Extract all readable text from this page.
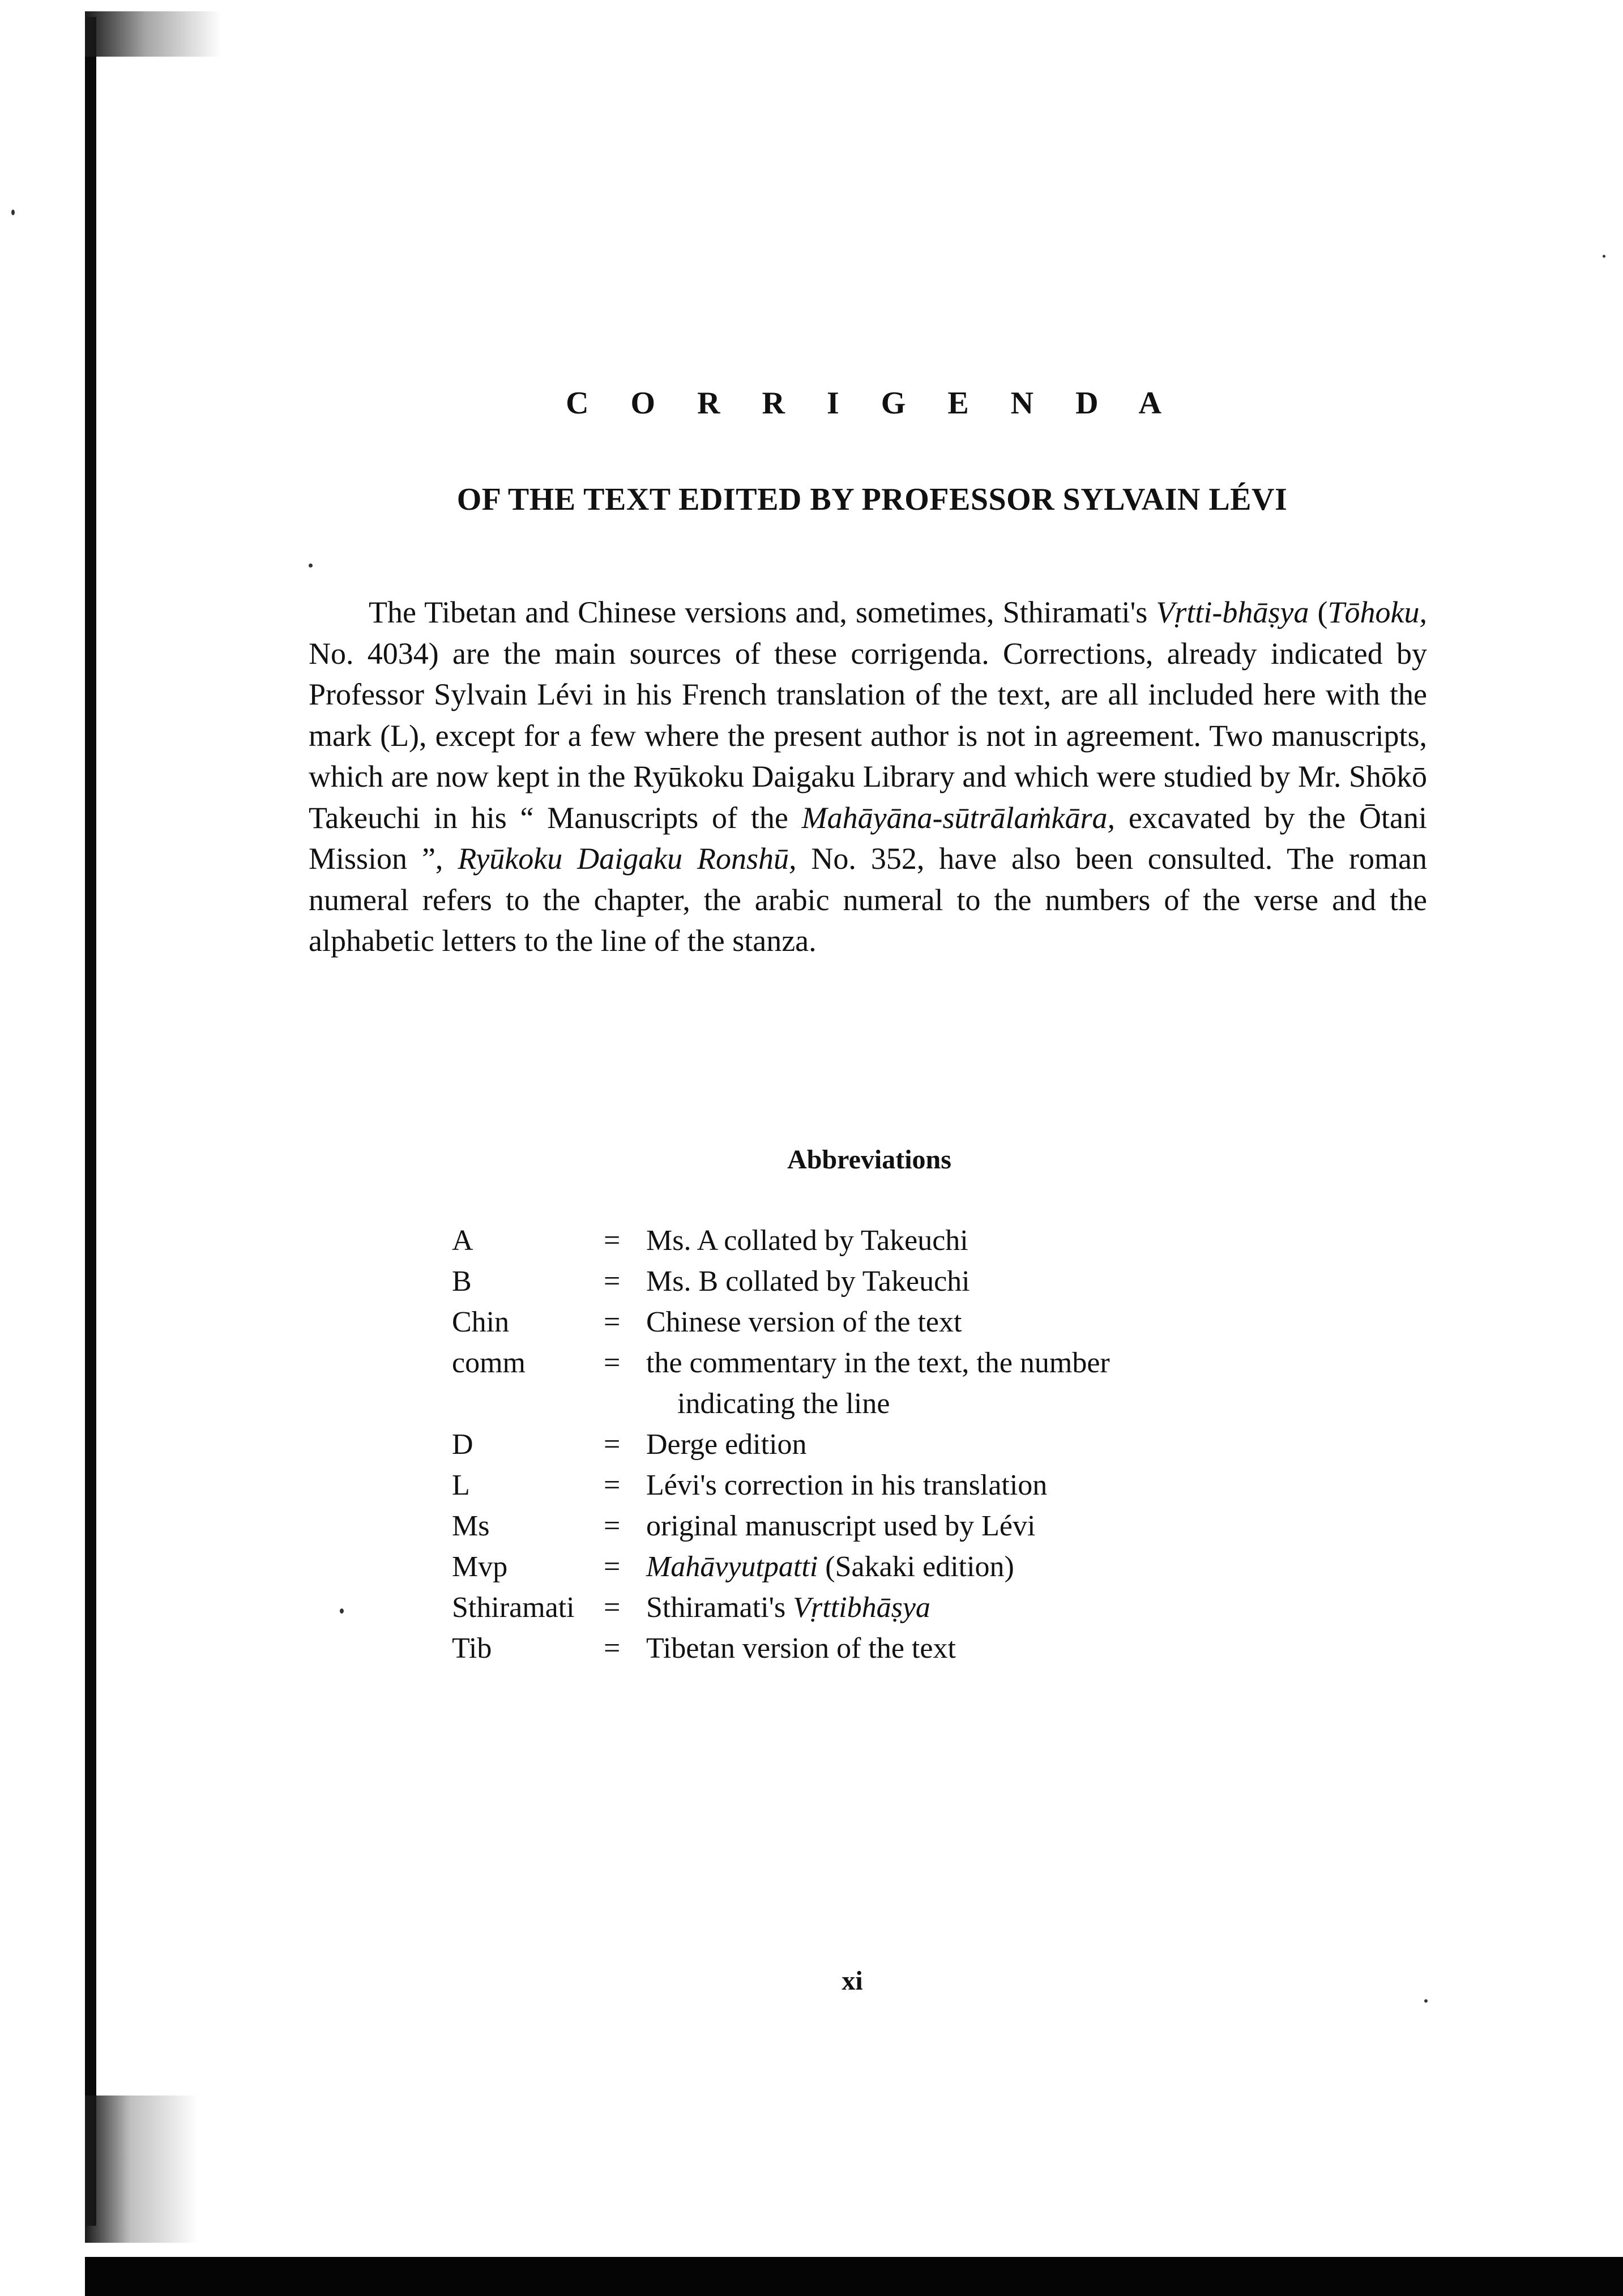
C O R R I G E N D A
OF THE TEXT EDITED BY PROFESSOR SYLVAIN LÉVI

The Tibetan and Chinese versions and, sometimes, Sthiramati's Vṛtti-bhāṣya (Tōhoku, No. 4034) are the main sources of these corrigenda. Corrections, already indicated by Professor Sylvain Lévi in his French translation of the text, are all included here with the mark (L), except for a few where the present author is not in agreement. Two manuscripts, which are now kept in the Ryūkoku Daigaku Library and which were studied by Mr. Shōkō Takeuchi in his “ Manuscripts of the Mahāyāna-sūtrālaṁkāra, excavated by the Ōtani Mission ”, Ryūkoku Daigaku Ronshū, No. 352, have also been consulted. The roman numeral refers to the chapter, the arabic numeral to the numbers of the verse and the alphabetic letters to the line of the stanza.

Abbreviations
A	=	Ms. A collated by Takeuchi
B	=	Ms. B collated by Takeuchi
Chin	=	Chinese version of the text
comm	=	the commentary in the text, the number
indicating the line

D	=	Derge edition
L	=	Lévi's correction in his translation
Ms	=	original manuscript used by Lévi
Mvp	=	Mahāvyutpatti (Sakaki edition)
Sthiramati	=	Sthiramati's Vṛttibhāṣya
Tib	=	Tibetan version of the text
xi
